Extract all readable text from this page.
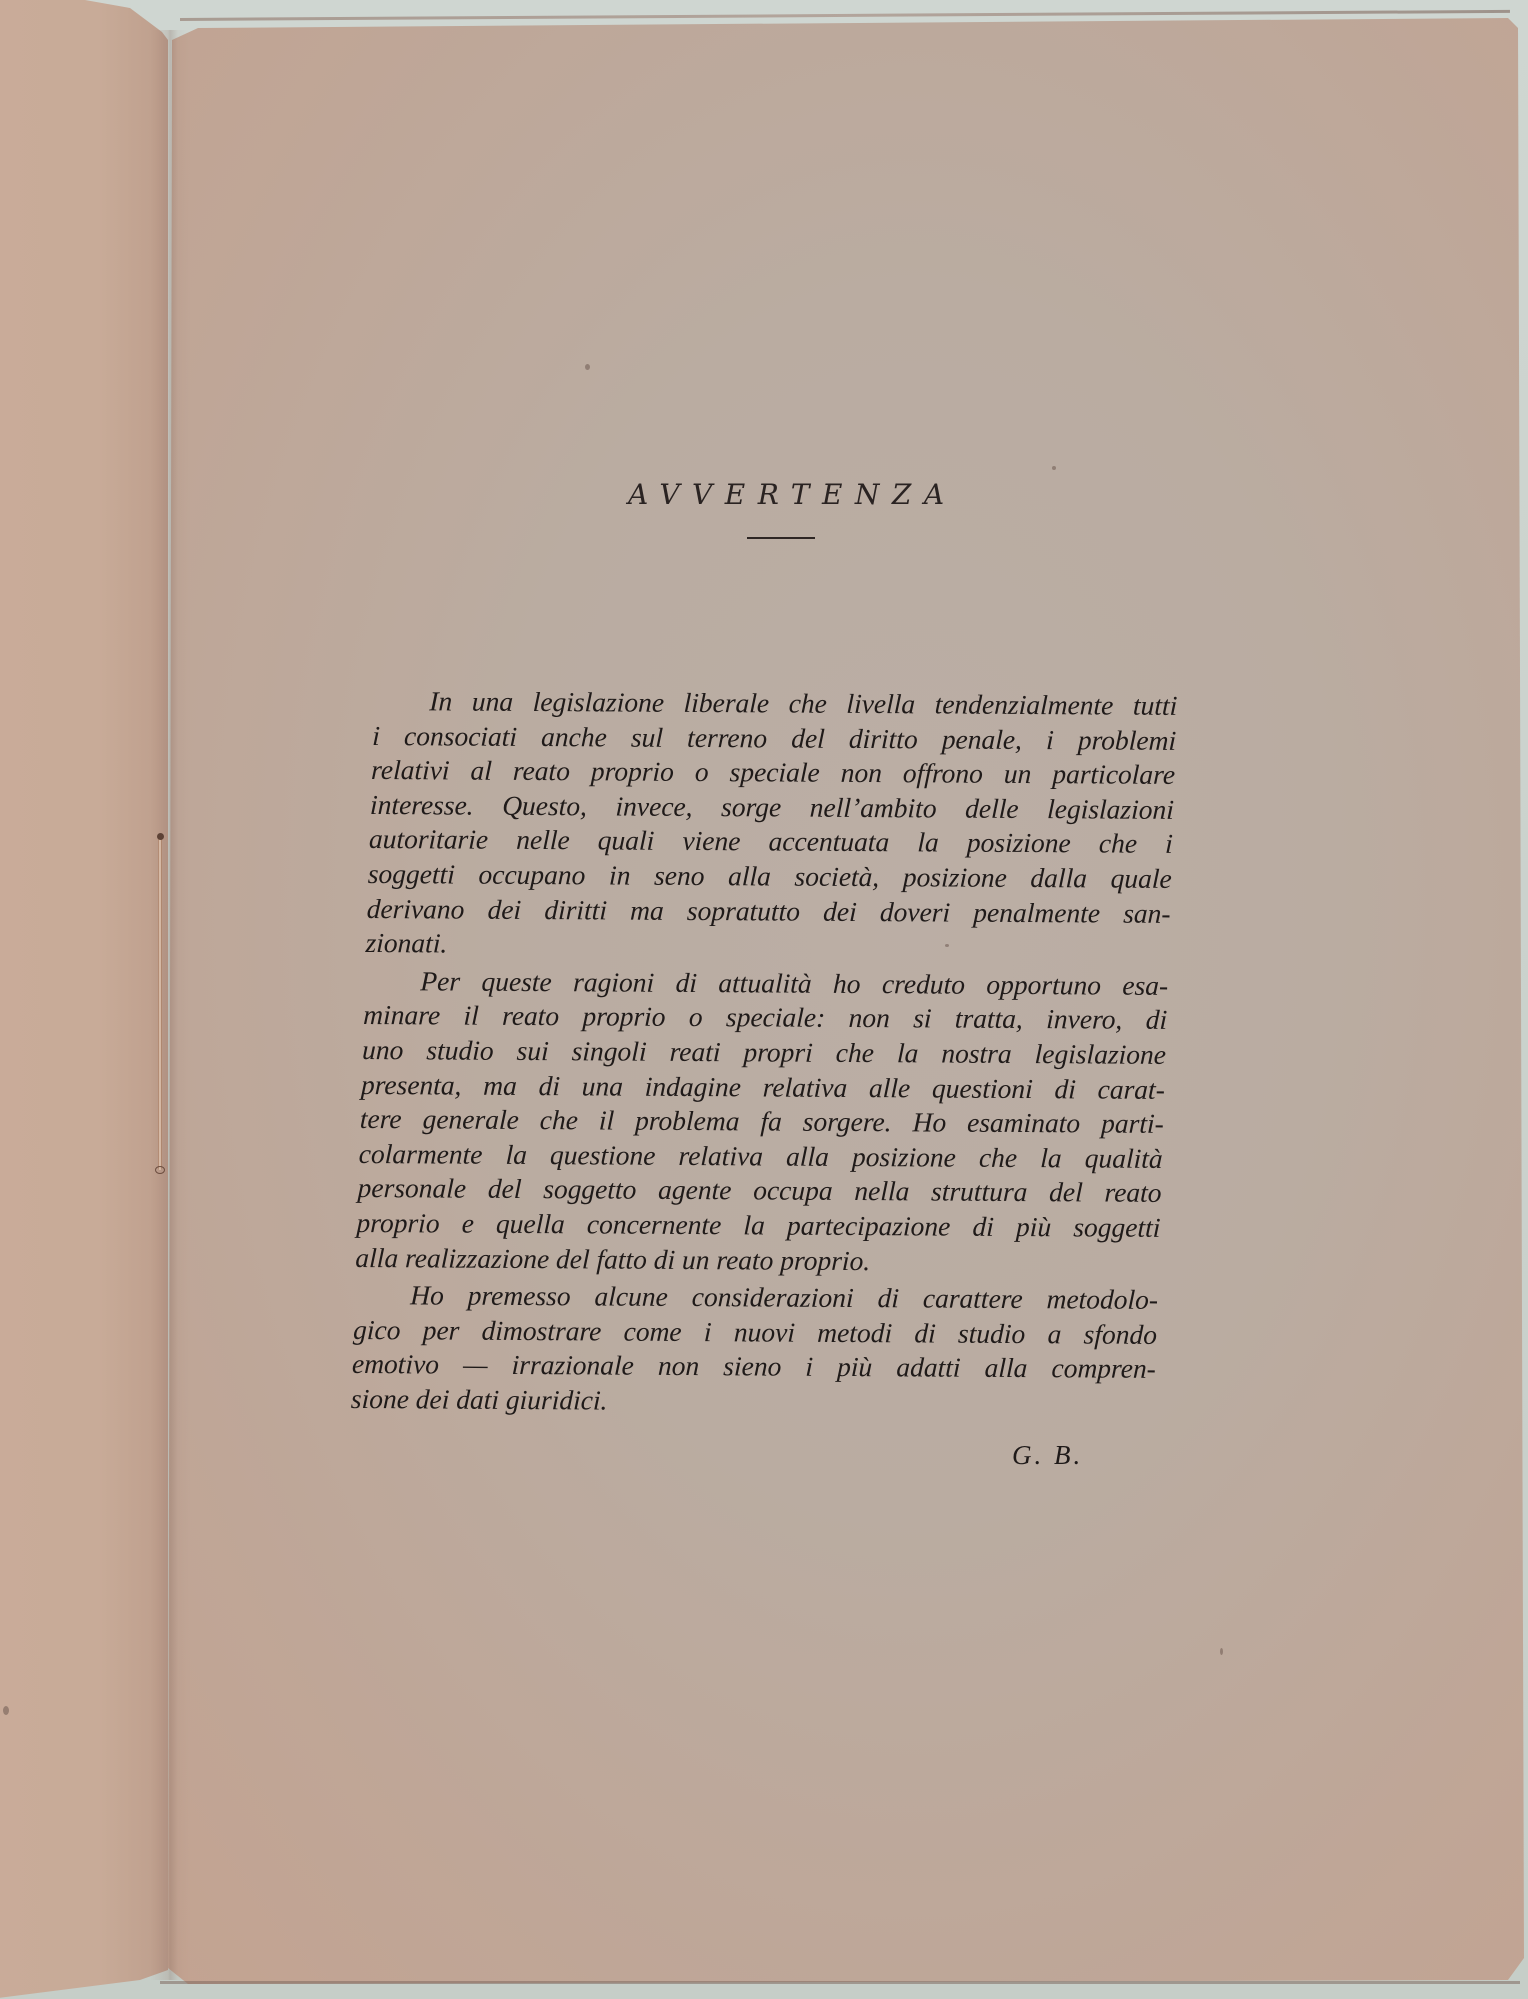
AVVERTENZA
In una legislazione liberale che livella tendenzialmente tutti
i consociati anche sul terreno del diritto penale, i problemi
relativi al reato proprio o speciale non offrono un particolare
interesse. Questo, invece, sorge nell’ambito delle legislazioni
autoritarie nelle quali viene accentuata la posizione che i
soggetti occupano in seno alla società, posizione dalla quale
derivano dei diritti ma sopratutto dei doveri penalmente san-
zionati.
Per queste ragioni di attualità ho creduto opportuno esa-
minare il reato proprio o speciale: non si tratta, invero, di
uno studio sui singoli reati propri che la nostra legislazione
presenta, ma di una indagine relativa alle questioni di carat-
tere generale che il problema fa sorgere. Ho esaminato parti-
colarmente la questione relativa alla posizione che la qualità
personale del soggetto agente occupa nella struttura del reato
proprio e quella concernente la partecipazione di più soggetti
alla realizzazione del fatto di un reato proprio.
Ho premesso alcune considerazioni di carattere metodolo-
gico per dimostrare come i nuovi metodi di studio a sfondo
emotivo — irrazionale non sieno i più adatti alla compren-
sione dei dati giuridici.
G. B.
